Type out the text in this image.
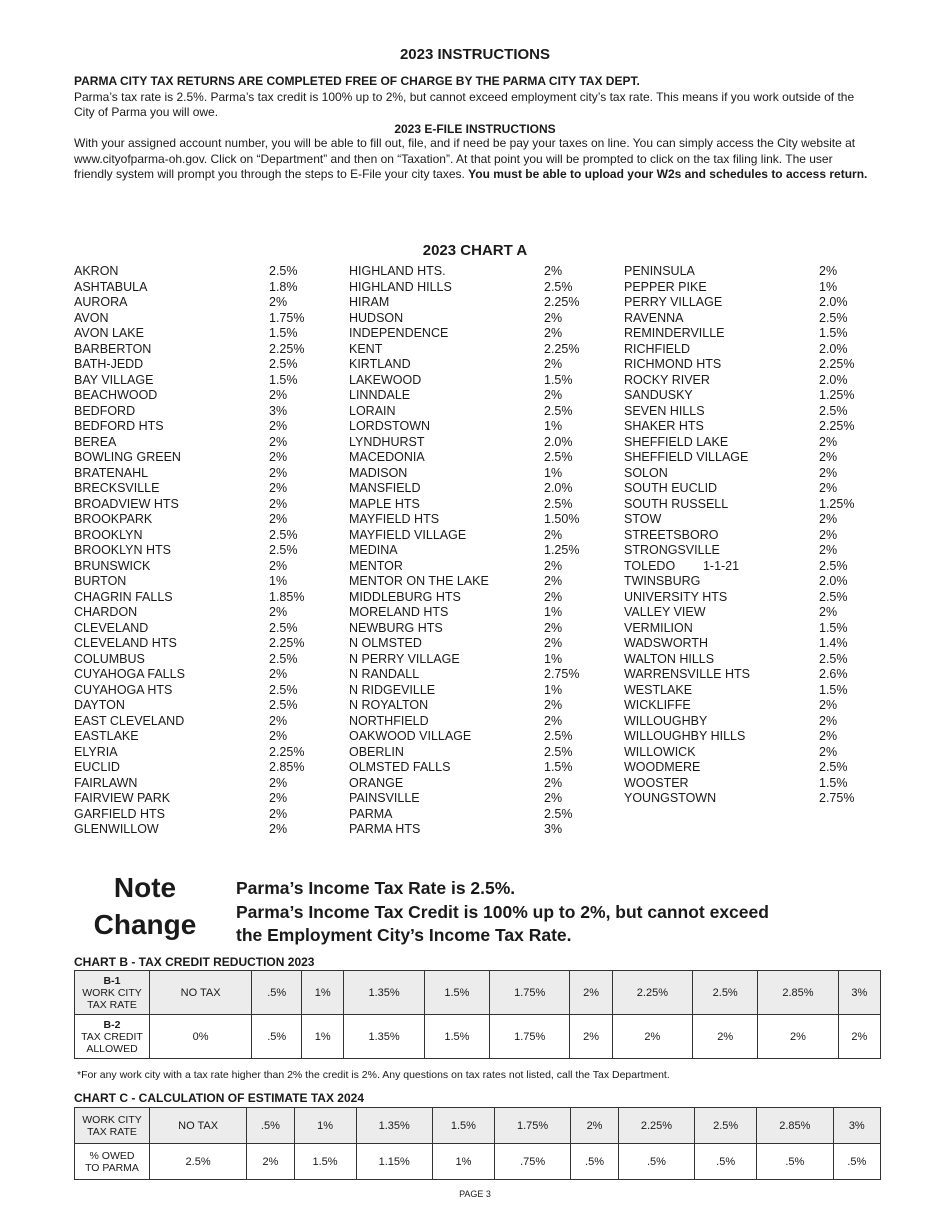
2023 INSTRUCTIONS
PARMA CITY TAX RETURNS ARE COMPLETED FREE OF CHARGE BY THE PARMA CITY TAX DEPT.
Parma’s tax rate is 2.5%. Parma’s tax credit is 100% up to 2%, but cannot exceed employment city’s tax rate. This means if you work outside of the City of Parma you will owe.
2023 E-FILE INSTRUCTIONS
With your assigned account number, you will be able to fill out, file, and if need be pay your taxes on line. You can simply access the City website at www.cityofparma-oh.gov. Click on “Department” and then on “Taxation”. At that point you will be prompted to click on the tax filing link. The user friendly system will prompt you through the steps to E-File your city taxes. You must be able to upload your W2s and schedules to access return.
2023 CHART A
AKRON	2.5%
ASHTABULA	1.8%
AURORA	2%
AVON	1.75%
AVON LAKE	1.5%
BARBERTON	2.25%
BATH-JEDD	2.5%
BAY VILLAGE	1.5%
BEACHWOOD	2%
BEDFORD	3%
BEDFORD HTS	2%
BEREA	2%
BOWLING GREEN	2%
BRATENAHL	2%
BRECKSVILLE	2%
BROADVIEW HTS	2%
BROOKPARK	2%
BROOKLYN	2.5%
BROOKLYN HTS	2.5%
BRUNSWICK	2%
BURTON	1%
CHAGRIN FALLS	1.85%
CHARDON	2%
CLEVELAND	2.5%
CLEVELAND HTS	2.25%
COLUMBUS	2.5%
CUYAHOGA FALLS	2%
CUYAHOGA HTS	2.5%
DAYTON	2.5%
EAST CLEVELAND	2%
EASTLAKE	2%
ELYRIA	2.25%
EUCLID	2.85%
FAIRLAWN	2%
FAIRVIEW PARK	2%
GARFIELD HTS	2%
GLENWILLOW	2%
HIGHLAND HTS.	2%
HIGHLAND HILLS	2.5%
HIRAM	2.25%
HUDSON	2%
INDEPENDENCE	2%
KENT	2.25%
KIRTLAND	2%
LAKEWOOD	1.5%
LINNDALE	2%
LORAIN	2.5%
LORDSTOWN	1%
LYNDHURST	2.0%
MACEDONIA	2.5%
MADISON	1%
MANSFIELD	2.0%
MAPLE HTS	2.5%
MAYFIELD HTS	1.50%
MAYFIELD VILLAGE	2%
MEDINA	1.25%
MENTOR	2%
MENTOR ON THE LAKE	2%
MIDDLEBURG HTS	2%
MORELAND HTS	1%
NEWBURG HTS	2%
N OLMSTED	2%
N PERRY VILLAGE	1%
N RANDALL	2.75%
N RIDGEVILLE	1%
N ROYALTON	2%
NORTHFIELD	2%
OAKWOOD VILLAGE	2.5%
OBERLIN	2.5%
OLMSTED FALLS	1.5%
ORANGE	2%
PAINSVILLE	2%
PARMA	2.5%
PARMA HTS	3%
PENINSULA	2%
PEPPER PIKE	1%
PERRY VILLAGE	2.0%
RAVENNA	2.5%
REMINDERVILLE	1.5%
RICHFIELD	2.0%
RICHMOND HTS	2.25%
ROCKY RIVER	2.0%
SANDUSKY	1.25%
SEVEN HILLS	2.5%
SHAKER HTS	2.25%
SHEFFIELD LAKE	2%
SHEFFIELD VILLAGE	2%
SOLON	2%
SOUTH EUCLID	2%
SOUTH RUSSELL	1.25%
STOW	2%
STREETSBORO	2%
STRONGSVILLE	2%
TOLEDO        1-1-21	2.5%
TWINSBURG	2.0%
UNIVERSITY HTS	2.5%
VALLEY VIEW	2%
VERMILION	1.5%
WADSWORTH	1.4%
WALTON HILLS	2.5%
WARRENSVILLE HTS	2.6%
WESTLAKE	1.5%
WICKLIFFE	2%
WILLOUGHBY	2%
WILLOUGHBY HILLS	2%
WILLOWICK	2%
WOODMERE	2.5%
WOOSTER	1.5%
YOUNGSTOWN	2.75%
Note
Change
Parma’s Income Tax Rate is 2.5%.
Parma’s Income Tax Credit is 100% up to 2%, but cannot exceed
the Employment City’s Income Tax Rate.
CHART B - TAX CREDIT REDUCTION 2023
B-1
WORK CITY
TAX RATE	NO TAX	.5%	1%	1.35%	1.5%	1.75%	2%	2.25%	2.5%	2.85%	3%
B-2
TAX CREDIT
ALLOWED	0%	.5%	1%	1.35%	1.5%	1.75%	2%	2%	2%	2%	2%
*For any work city with a tax rate higher than 2% the credit is 2%. Any questions on tax rates not listed, call the Tax Department.
CHART C - CALCULATION OF ESTIMATE TAX 2024
WORK CITY
TAX RATE	NO TAX	.5%	1%	1.35%	1.5%	1.75%	2%	2.25%	2.5%	2.85%	3%
% OWED
TO PARMA	2.5%	2%	1.5%	1.15%	1%	.75%	.5%	.5%	.5%	.5%	.5%
PAGE 3
